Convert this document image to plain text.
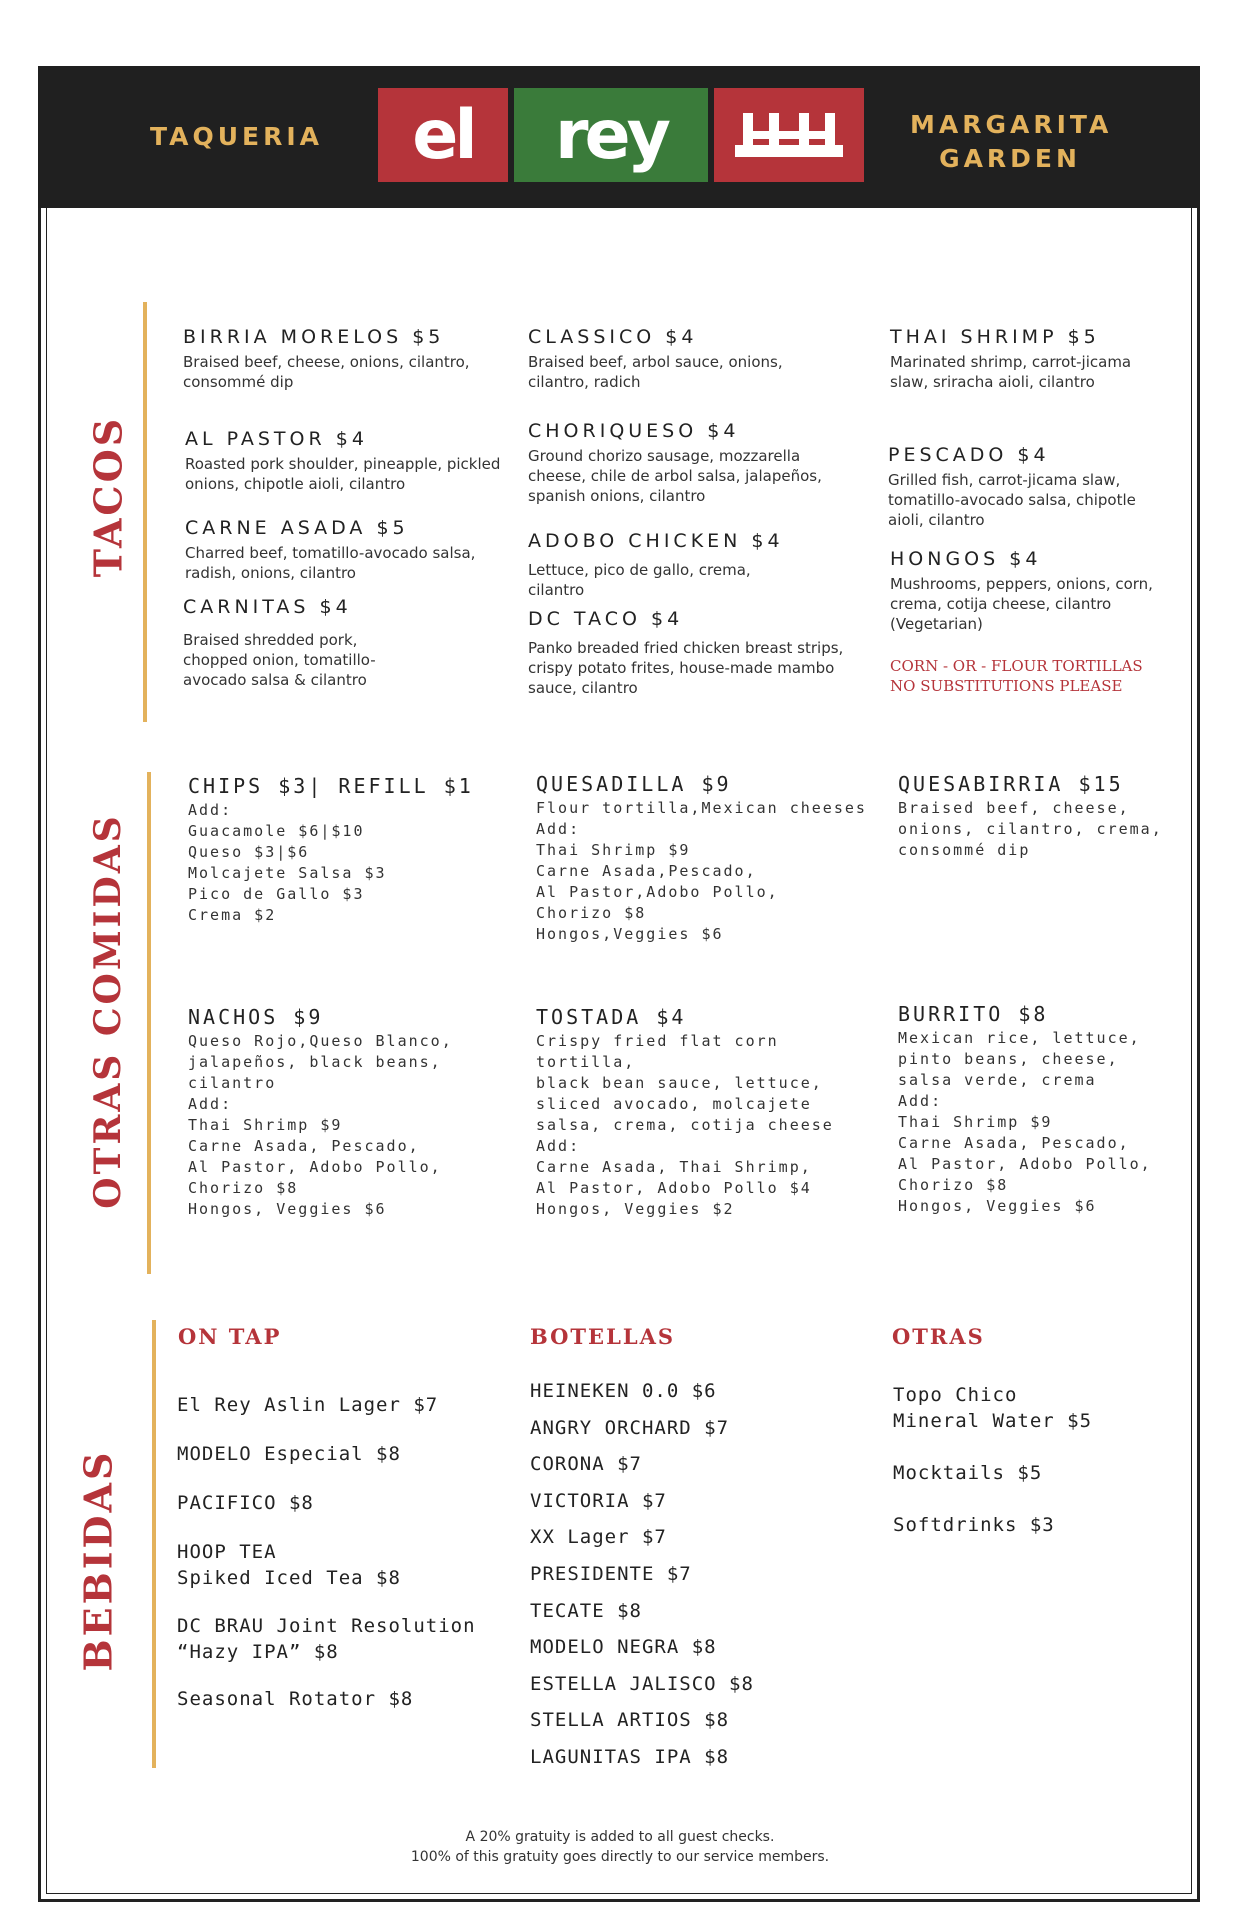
TAQUERIA	MARGARITA
GARDEN
el rey
TACOS
BIRRIA MORELOS $5
Braised beef, cheese, onions, cilantro, consommé dip
AL PASTOR $4
Roasted pork shoulder, pineapple, pickled onions, chipotle aioli, cilantro
CARNE ASADA $5
Charred beef, tomatillo-avocado salsa, radish, onions, cilantro
CARNITAS $4
Braised shredded pork, chopped onion, tomatillo-avocado salsa & cilantro
CLASSICO $4
Braised beef, arbol sauce, onions, cilantro, radich
CHORIQUESO $4
Ground chorizo sausage, mozzarella cheese, chile de arbol salsa, jalapeños, spanish onions, cilantro
ADOBO CHICKEN $4
Lettuce, pico de gallo, crema, cilantro
DC TACO $4
Panko breaded fried chicken breast strips, crispy potato frites, house-made mambo sauce, cilantro
THAI SHRIMP $5
Marinated shrimp, carrot-jicama slaw, sriracha aioli, cilantro
PESCADO $4
Grilled fish, carrot-jicama slaw, tomatillo-avocado salsa, chipotle aioli, cilantro
HONGOS $4
Mushrooms, peppers, onions, corn, crema, cotija cheese, cilantro (Vegetarian)
CORN - OR - FLOUR TORTILLAS
NO SUBSTITUTIONS PLEASE
OTRAS COMIDAS
CHIPS $3| REFILL $1
Add:
Guacamole $6|$10
Queso $3|$6
Molcajete Salsa $3
Pico de Gallo $3
Crema $2
QUESADILLA $9
Flour tortilla,Mexican cheeses
Add:
Thai Shrimp $9
Carne Asada,Pescado,
Al Pastor,Adobo Pollo,
Chorizo $8
Hongos,Veggies $6
QUESABIRRIA $15
Braised beef, cheese,
onions, cilantro, crema,
consommé dip
NACHOS $9
Queso Rojo,Queso Blanco,
jalapeños, black beans,
cilantro
Add:
Thai Shrimp $9
Carne Asada, Pescado,
Al Pastor, Adobo Pollo,
Chorizo $8
Hongos, Veggies $6
TOSTADA $4
Crispy fried flat corn tortilla,
black bean sauce, lettuce,
sliced avocado, molcajete
salsa, crema, cotija cheese
Add:
Carne Asada, Thai Shrimp,
Al Pastor, Adobo Pollo $4
Hongos, Veggies $2
BURRITO $8
Mexican rice, lettuce,
pinto beans, cheese,
salsa verde, crema
Add:
Thai Shrimp $9
Carne Asada, Pescado,
Al Pastor, Adobo Pollo,
Chorizo $8
Hongos, Veggies $6
BEBIDAS
ON TAP	BOTELLAS	OTRAS
El Rey Aslin Lager $7
MODELO Especial $8
PACIFICO $8
HOOP TEA
Spiked Iced Tea $8
DC BRAU Joint Resolution
“Hazy IPA” $8
Seasonal Rotator $8
HEINEKEN 0.0 $6
ANGRY ORCHARD $7
CORONA $7
VICTORIA $7
XX Lager $7
PRESIDENTE $7
TECATE $8
MODELO NEGRA $8
ESTELLA JALISCO $8
STELLA ARTIOS $8
LAGUNITAS IPA $8
Topo Chico
Mineral Water $5
Mocktails $5
Softdrinks $3
A 20% gratuity is added to all guest checks.
100% of this gratuity goes directly to our service members.
